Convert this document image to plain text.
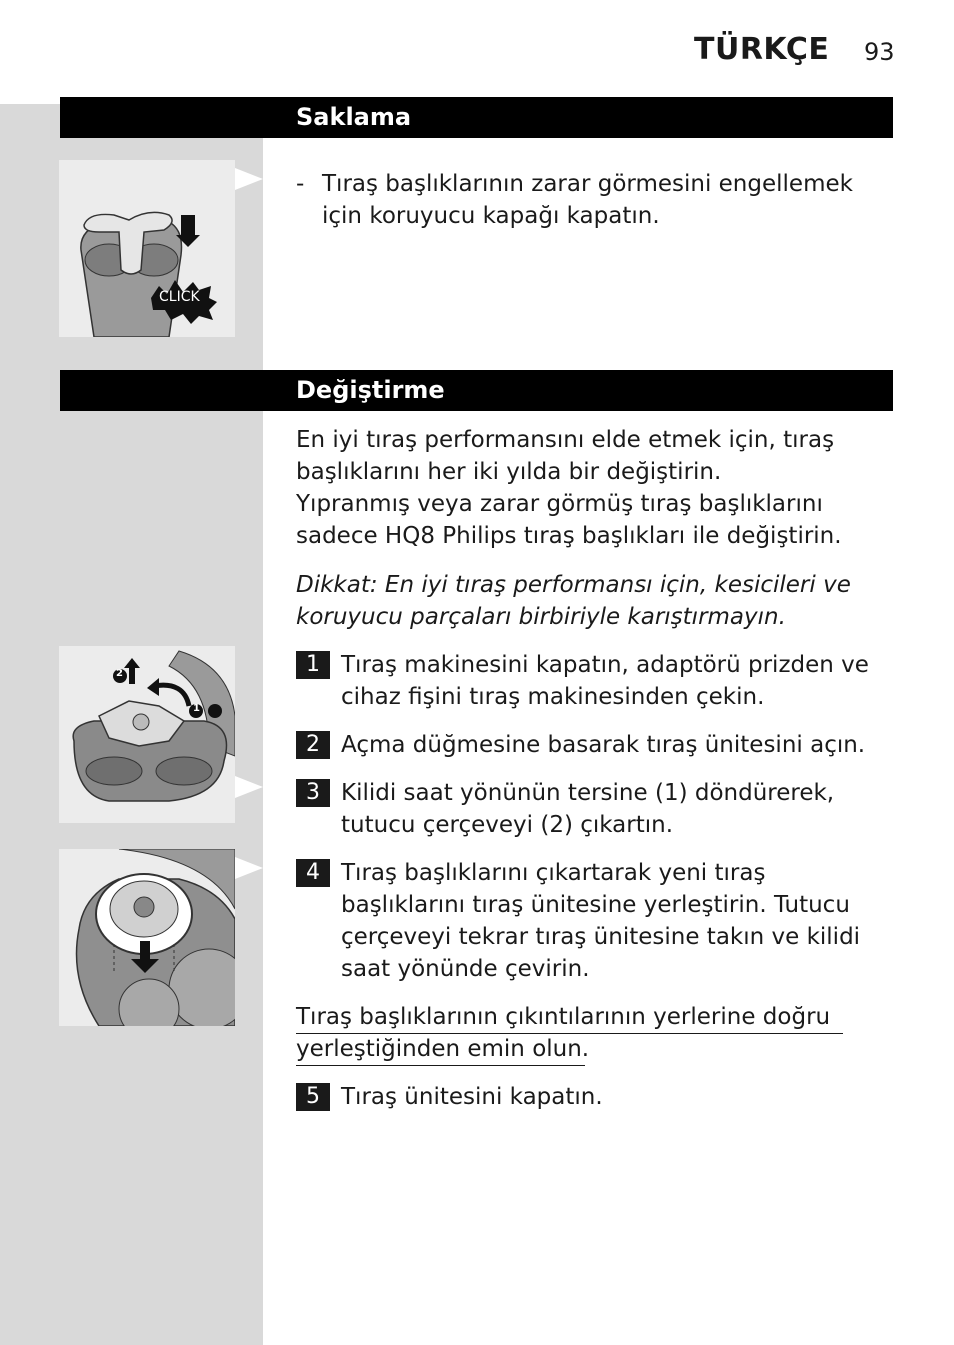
TÜRKÇE 93
Saklama
CLICK
- Tıraş başlıklarının zarar görmesini engellemek için koruyucu kapağı kapatın.
Değiştirme
En iyi tıraş performansını elde etmek için, tıraş başlıklarını her iki yılda bir değiştirin.
Yıpranmış veya zarar görmüş tıraş başlıklarını sadece HQ8 Philips tıraş başlıkları ile değiştirin.
Dikkat: En iyi tıraş performansı için, kesicileri ve koruyucu parçaları birbiriyle karıştırmayın.
2
1
1 Tıraş makinesini kapatın, adaptörü prizden ve cihaz fişini tıraş makinesinden çekin.
2 Açma düğmesine basarak tıraş ünitesini açın.
3 Kilidi saat yönünün tersine (1) döndürerek, tutucu çerçeveyi (2) çıkartın.
4 Tıraş başlıklarını çıkartarak yeni tıraş başlıklarını tıraş ünitesine yerleştirin. Tutucu çerçeveyi tekrar tıraş ünitesine takın ve kilidi saat yönünde çevirin.
Tıraş başlıklarının çıkıntılarının yerlerine doğru
yerleştiğinden emin olun.
5 Tıraş ünitesini kapatın.
